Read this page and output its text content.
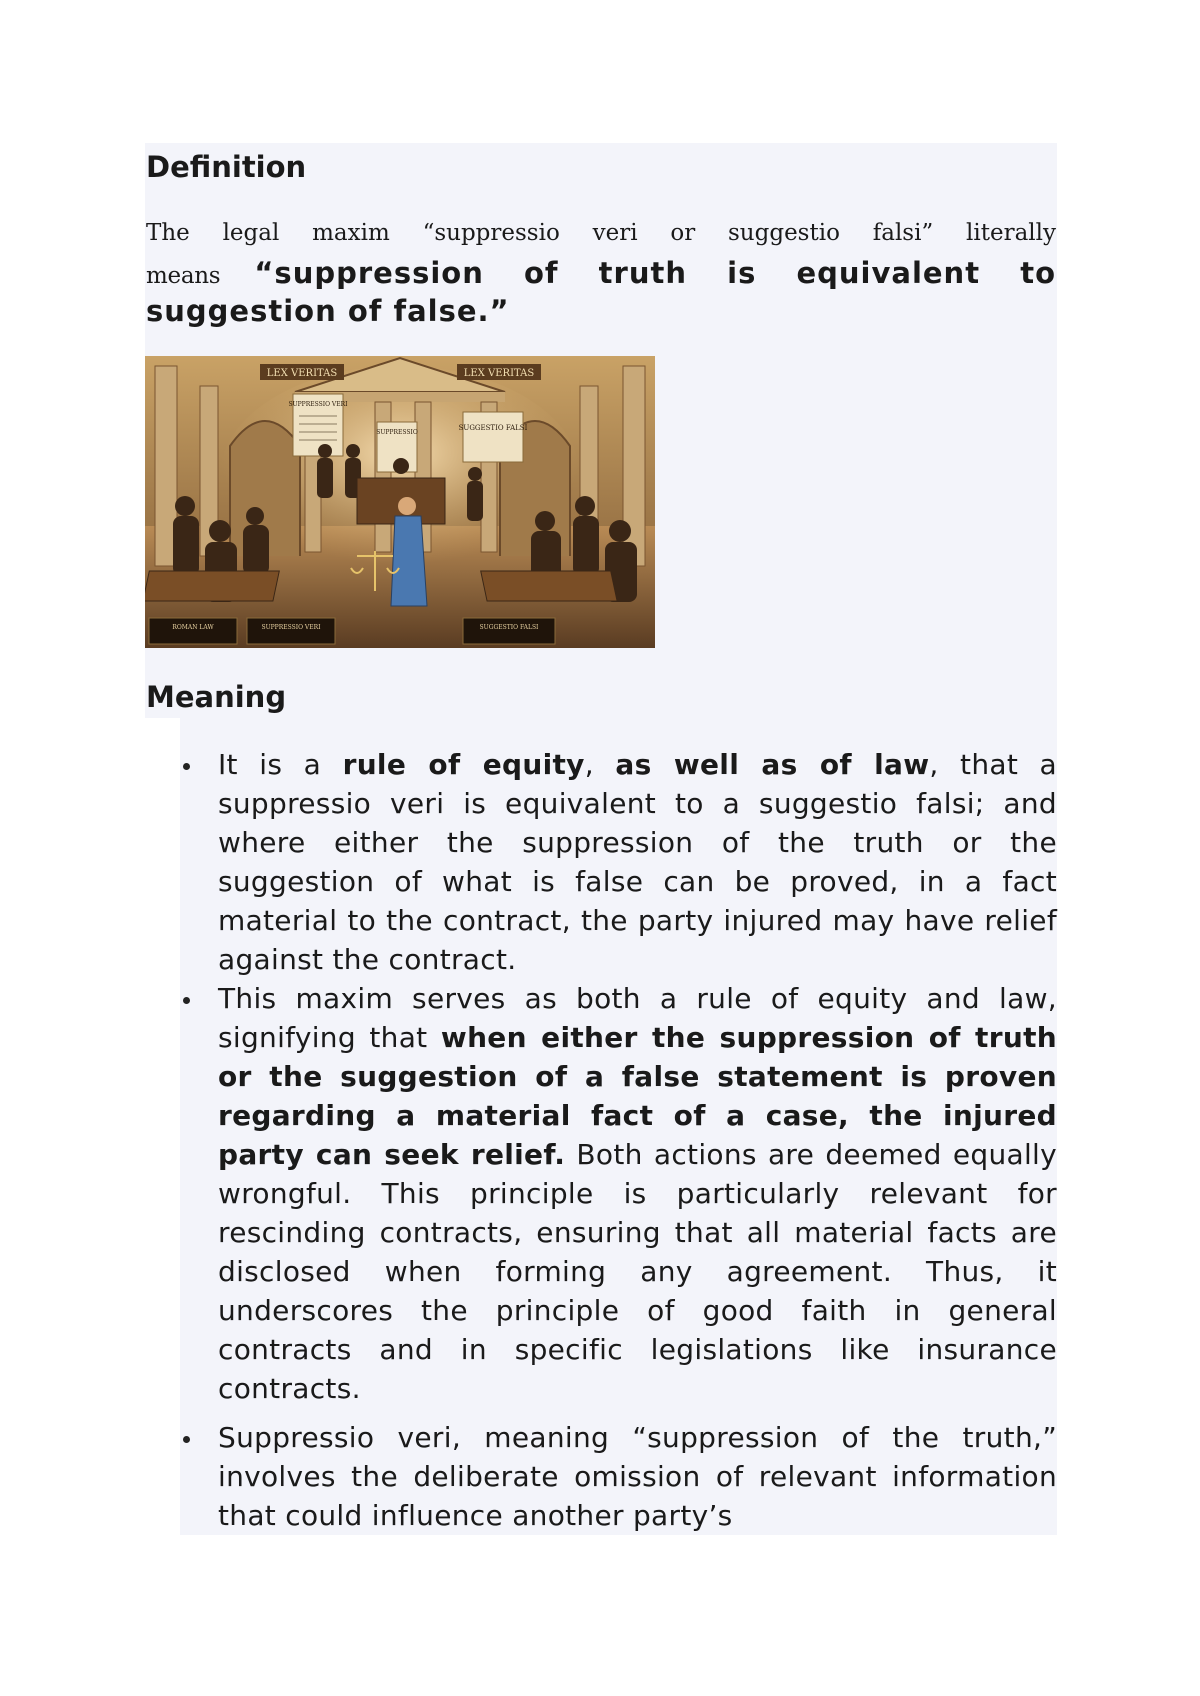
Definition
The legal maxim “suppressio veri or suggestio falsi” literally
means “suppression of truth is equivalent to
suggestion of false.”
LEX VERITAS	LEX VERITAS
SUPPRESSIO VERI
SUPPRESSIO
SUGGESTIO FALSI
ROMAN LAW	SUPPRESSIO VERI	SUGGESTIO FALSI
Meaning
It is a rule of equity, as well as of law, that a suppressio veri is equivalent to a suggestio falsi; and where either the suppression of the truth or the suggestion of what is false can be proved, in a fact material to the contract, the party injured may have relief against the contract.
This maxim serves as both a rule of equity and law, signifying that when either the suppression of truth or the suggestion of a false statement is proven regarding a material fact of a case, the injured party can seek relief. Both actions are deemed equally wrongful. This principle is particularly relevant for rescinding contracts, ensuring that all material facts are disclosed when forming any agreement. Thus, it underscores the principle of good faith in general contracts and in specific legislations like insurance contracts.
Suppressio veri, meaning “suppression of the truth,” involves the deliberate omission of relevant information that could influence another party’s
